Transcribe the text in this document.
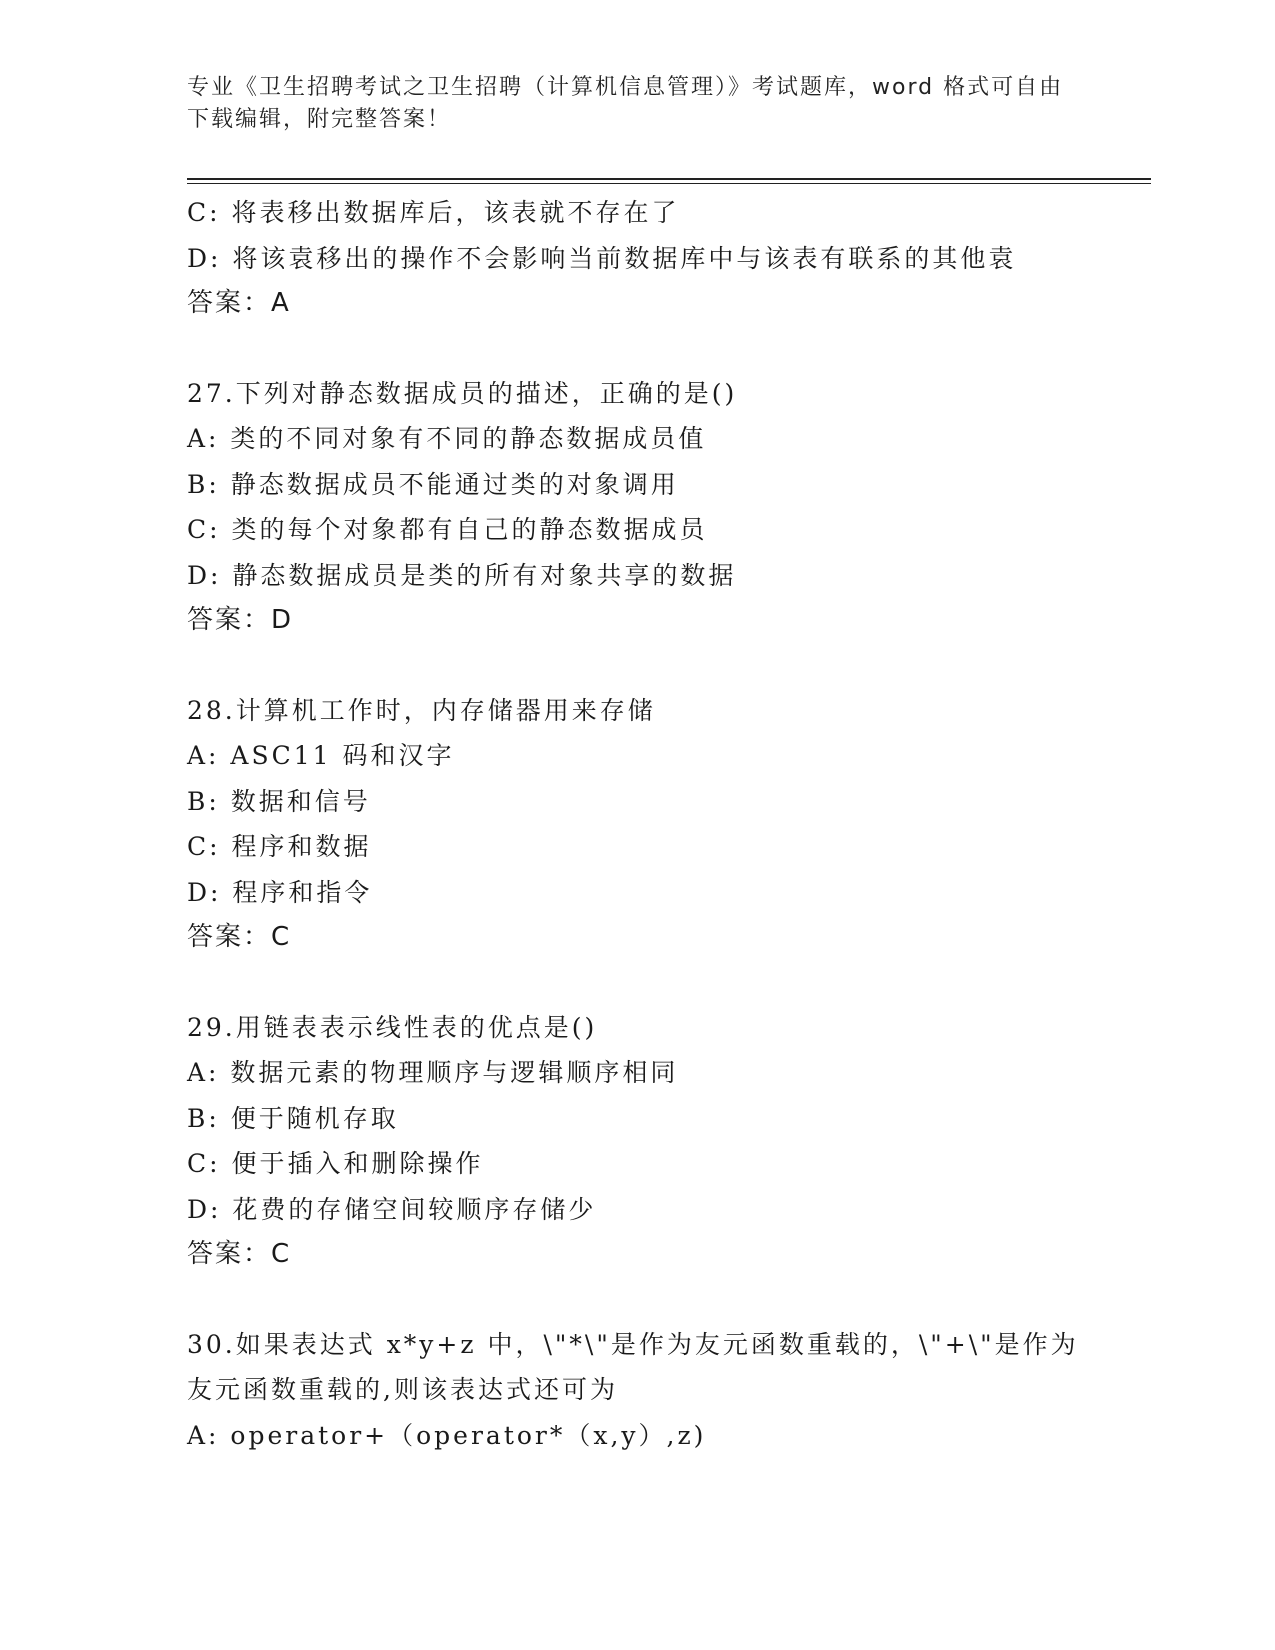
专业《卫生招聘考试之卫生招聘（计算机信息管理）》考试题库，word 格式可自由下载编辑，附完整答案！
C: 将表移出数据库后，该表就不存在了
D: 将该袁移出的操作不会影响当前数据库中与该表有联系的其他袁
答案：A
27.下列对静态数据成员的描述，正确的是()
A: 类的不同对象有不同的静态数据成员值
B: 静态数据成员不能通过类的对象调用
C: 类的每个对象都有自己的静态数据成员
D: 静态数据成员是类的所有对象共享的数据
答案：D
28.计算机工作时，内存储器用来存储
A: ASC11 码和汉字
B: 数据和信号
C: 程序和数据
D: 程序和指令
答案：C
29.用链表表示线性表的优点是()
A: 数据元素的物理顺序与逻辑顺序相同
B: 便于随机存取
C: 便于插入和删除操作
D: 花费的存储空间较顺序存储少
答案：C
30.如果表达式 x*y+z 中，\"*\"是作为友元函数重载的，\"+\"是作为友元函数重载的,则该表达式还可为
A: operator+（operator*（x,y）,z)
